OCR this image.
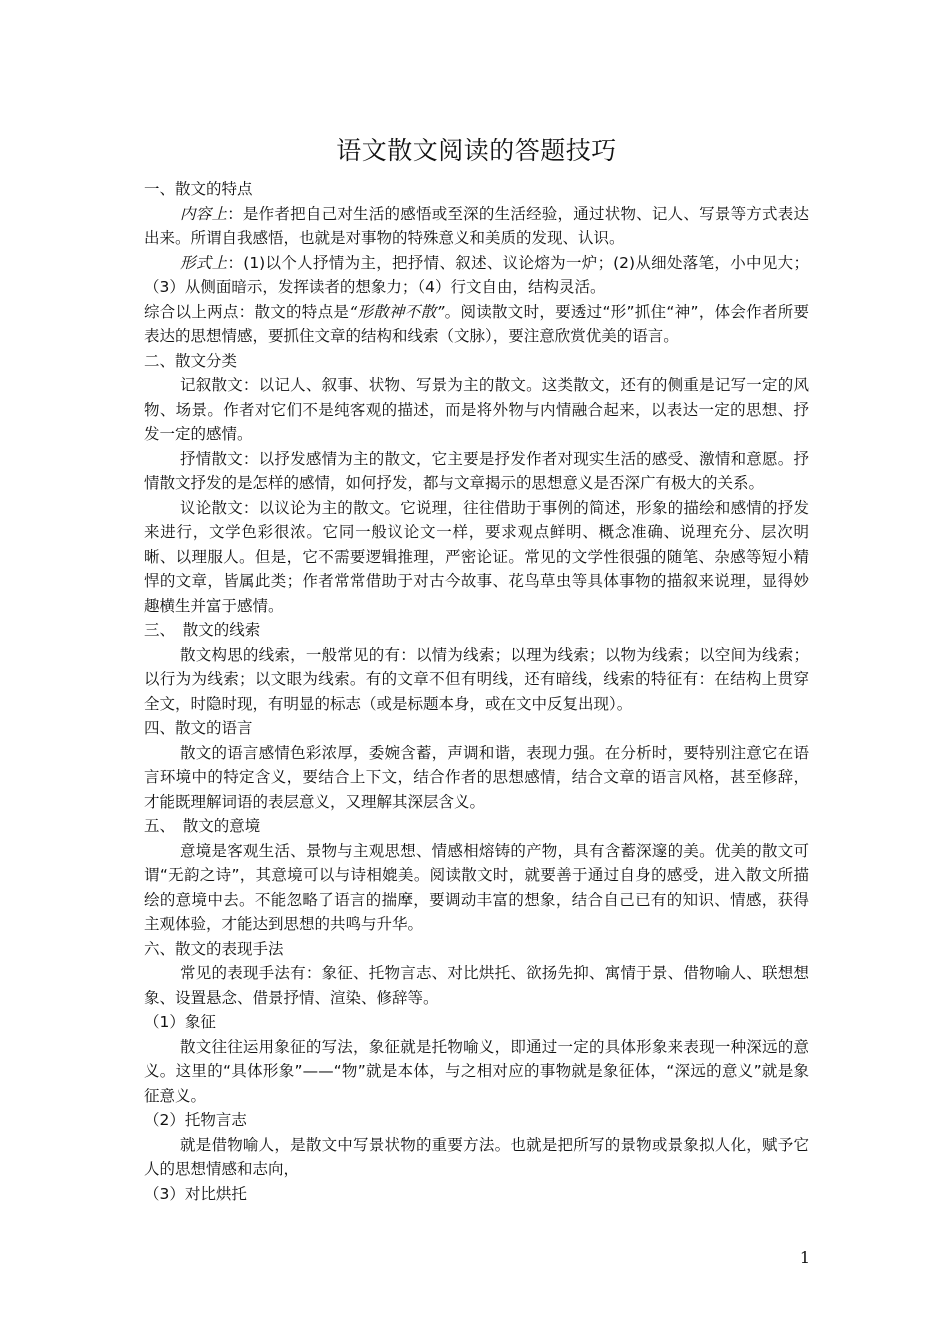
语文散文阅读的答题技巧

一、散文的特点

内容上：是作者把自己对生活的感悟或至深的生活经验，通过状物、记人、写景等方式表达出来。所谓自我感悟，也就是对事物的特殊意义和美质的发现、认识。

形式上：(1)以个人抒情为主，把抒情、叙述、议论熔为一炉；(2)从细处落笔，小中见大；（3）从侧面暗示，发挥读者的想象力；（4）行文自由，结构灵活。

综合以上两点：散文的特点是“形散神不散”。阅读散文时，要透过“形”抓住“神”，体会作者所要表达的思想情感，要抓住文章的结构和线索（文脉），要注意欣赏优美的语言。

二、散文分类

记叙散文：以记人、叙事、状物、写景为主的散文。这类散文，还有的侧重是记写一定的风物、场景。作者对它们不是纯客观的描述，而是将外物与内情融合起来，以表达一定的思想、抒发一定的感情。

抒情散文：以抒发感情为主的散文，它主要是抒发作者对现实生活的感受、激情和意愿。抒情散文抒发的是怎样的感情，如何抒发，都与文章揭示的思想意义是否深广有极大的关系。

议论散文：以议论为主的散文。它说理，往往借助于事例的简述，形象的描绘和感情的抒发来进行，文学色彩很浓。它同一般议论文一样，要求观点鲜明、概念准确、说理充分、层次明晰、以理服人。但是，它不需要逻辑推理，严密论证。常见的文学性很强的随笔、杂感等短小精悍的文章，皆属此类；作者常常借助于对古今故事、花鸟草虫等具体事物的描叙来说理，显得妙趣横生并富于感情。

三、　散文的线索

散文构思的线索，一般常见的有：以情为线索；以理为线索；以物为线索；以空间为线索；以行为为线索；以文眼为线索。有的文章不但有明线，还有暗线，线索的特征有：在结构上贯穿全文，时隐时现，有明显的标志（或是标题本身，或在文中反复出现）。

四、散文的语言

散文的语言感情色彩浓厚，委婉含蓄，声调和谐，表现力强。在分析时，要特别注意它在语言环境中的特定含义，要结合上下文，结合作者的思想感情，结合文章的语言风格，甚至修辞，才能既理解词语的表层意义，又理解其深层含义。

五、　散文的意境

意境是客观生活、景物与主观思想、情感相熔铸的产物，具有含蓄深邃的美。优美的散文可谓“无韵之诗”，其意境可以与诗相媲美。阅读散文时，就要善于通过自身的感受，进入散文所描绘的意境中去。不能忽略了语言的揣摩，要调动丰富的想象，结合自己已有的知识、情感，获得主观体验，才能达到思想的共鸣与升华。

六、散文的表现手法

常见的表现手法有：象征、托物言志、对比烘托、欲扬先抑、寓情于景、借物喻人、联想想象、设置悬念、借景抒情、渲染、修辞等。

（1）象征

散文往往运用象征的写法，象征就是托物喻义，即通过一定的具体形象来表现一种深远的意义。这里的“具体形象”——“物”就是本体，与之相对应的事物就是象征体，“深远的意义”就是象征意义。

（2）托物言志

就是借物喻人，是散文中写景状物的重要方法。也就是把所写的景物或景象拟人化，赋予它人的思想情感和志向，

（3）对比烘托

1
